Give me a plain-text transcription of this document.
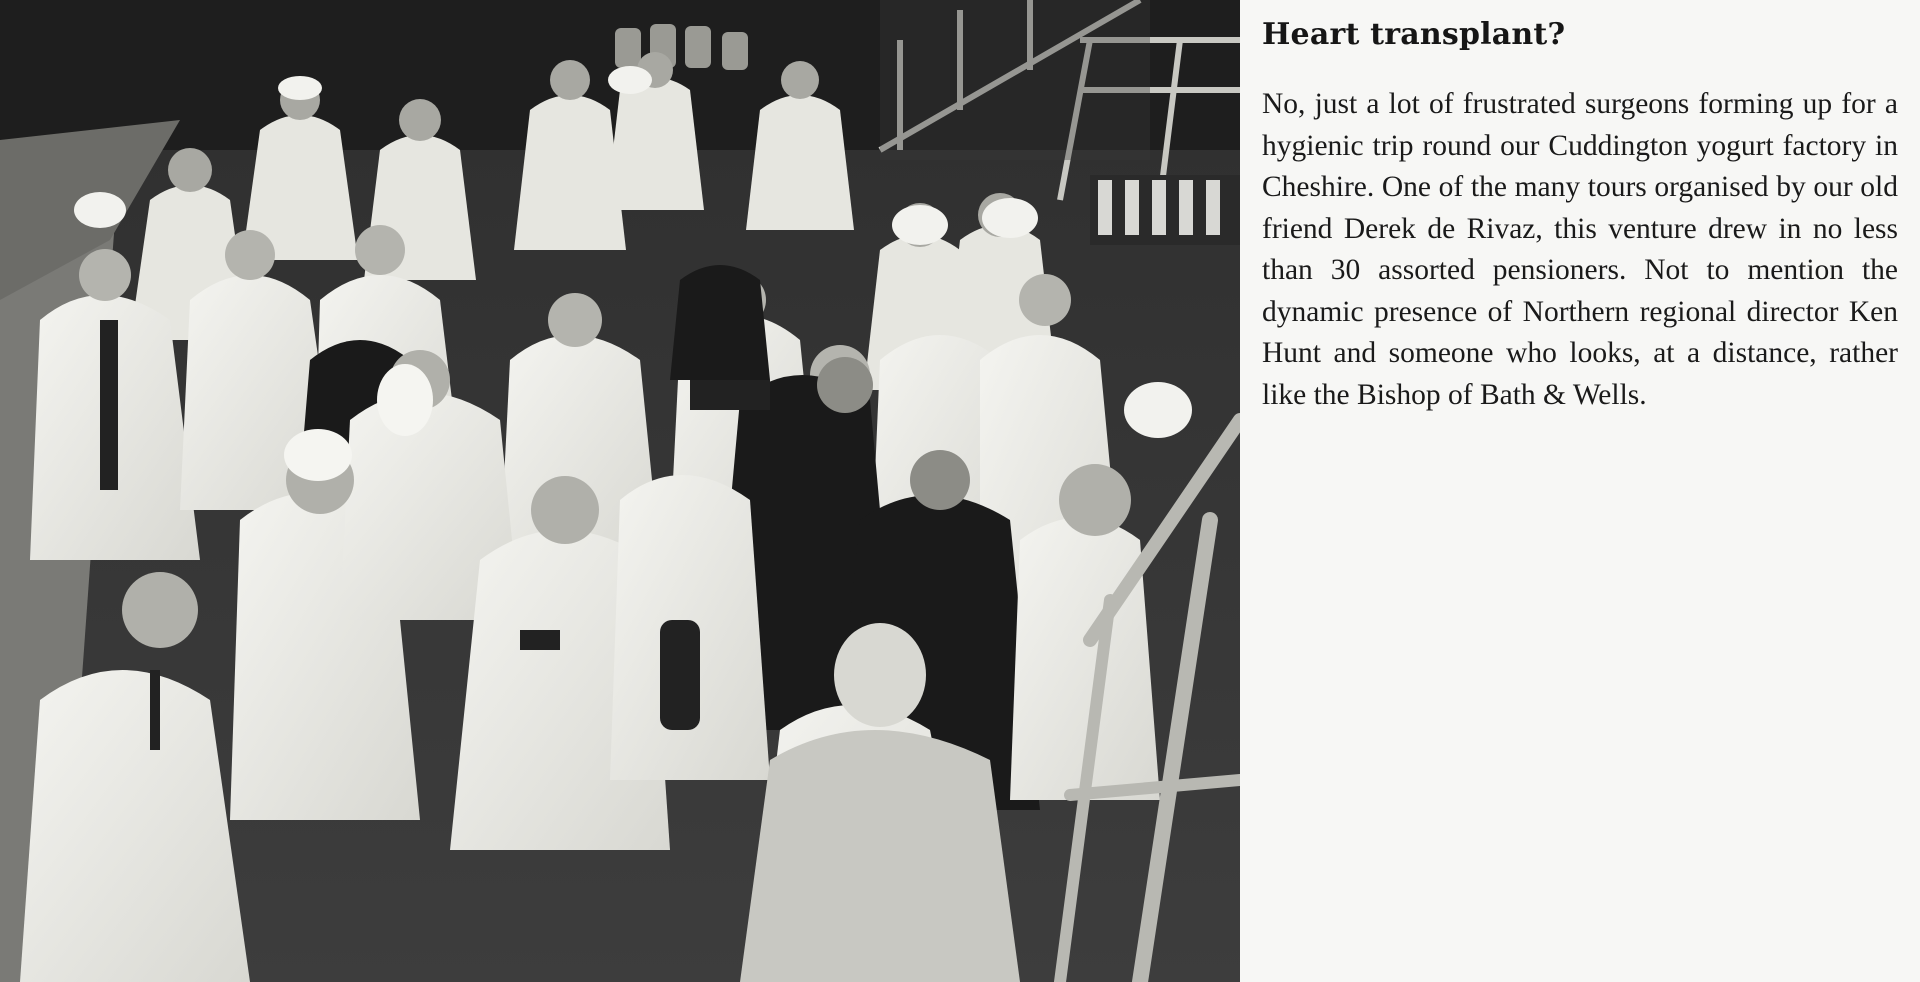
Heart transplant?

No, just a lot of frustrated surgeons forming up for a hygienic trip round our Cuddington yogurt factory in Cheshire. One of the many tours organised by our old friend Derek de Rivaz, this venture drew in no less than 30 assorted pensioners. Not to mention the dynamic presence of Northern regional director Ken Hunt and someone who looks, at a distance, rather like the Bishop of Bath & Wells.
